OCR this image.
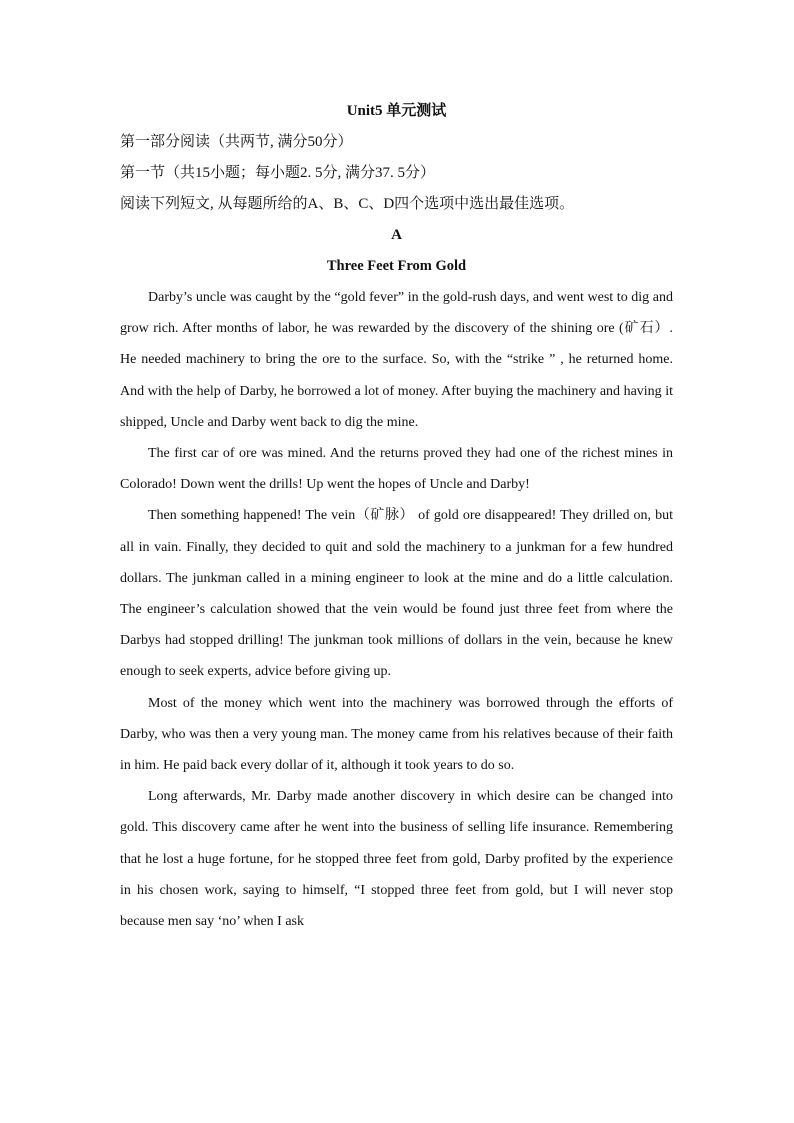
Unit5 单元测试
第一部分阅读（共两节, 满分50分）
第一节（共15小题；每小题2. 5分, 满分37. 5分）
阅读下列短文, 从每题所给的A、B、C、D四个选项中选出最佳选项。
A
Three Feet From Gold

Darby’s uncle was caught by the “gold fever” in the gold-rush days, and went west to dig and grow rich. After months of labor, he was rewarded by the discovery of the shining ore (矿石）. He needed machinery to bring the ore to the surface. So, with the “strike ” , he returned home. And with the help of Darby, he borrowed a lot of money. After buying the machinery and having it shipped, Uncle and Darby went back to dig the mine.

The first car of ore was mined. And the returns proved they had one of the richest mines in Colorado! Down went the drills! Up went the hopes of Uncle and Darby!

Then something happened! The vein（矿脉） of gold ore disappeared! They drilled on, but all in vain. Finally, they decided to quit and sold the machinery to a junkman for a few hundred dollars. The junkman called in a mining engineer to look at the mine and do a little calculation. The engineer’s calculation showed that the vein would be found just three feet from where the Darbys had stopped drilling! The junkman took millions of dollars in the vein, because he knew enough to seek experts, advice before giving up.

Most of the money which went into the machinery was borrowed through the efforts of Darby, who was then a very young man. The money came from his relatives because of their faith in him. He paid back every dollar of it, although it took years to do so.

Long afterwards, Mr. Darby made another discovery in which desire can be changed into gold. This discovery came after he went into the business of selling life insurance. Remembering that he lost a huge fortune, for he stopped three feet from gold, Darby profited by the experience in his chosen work, saying to himself, “I stopped three feet from gold, but I will never stop because men say ‘no’ when I ask
